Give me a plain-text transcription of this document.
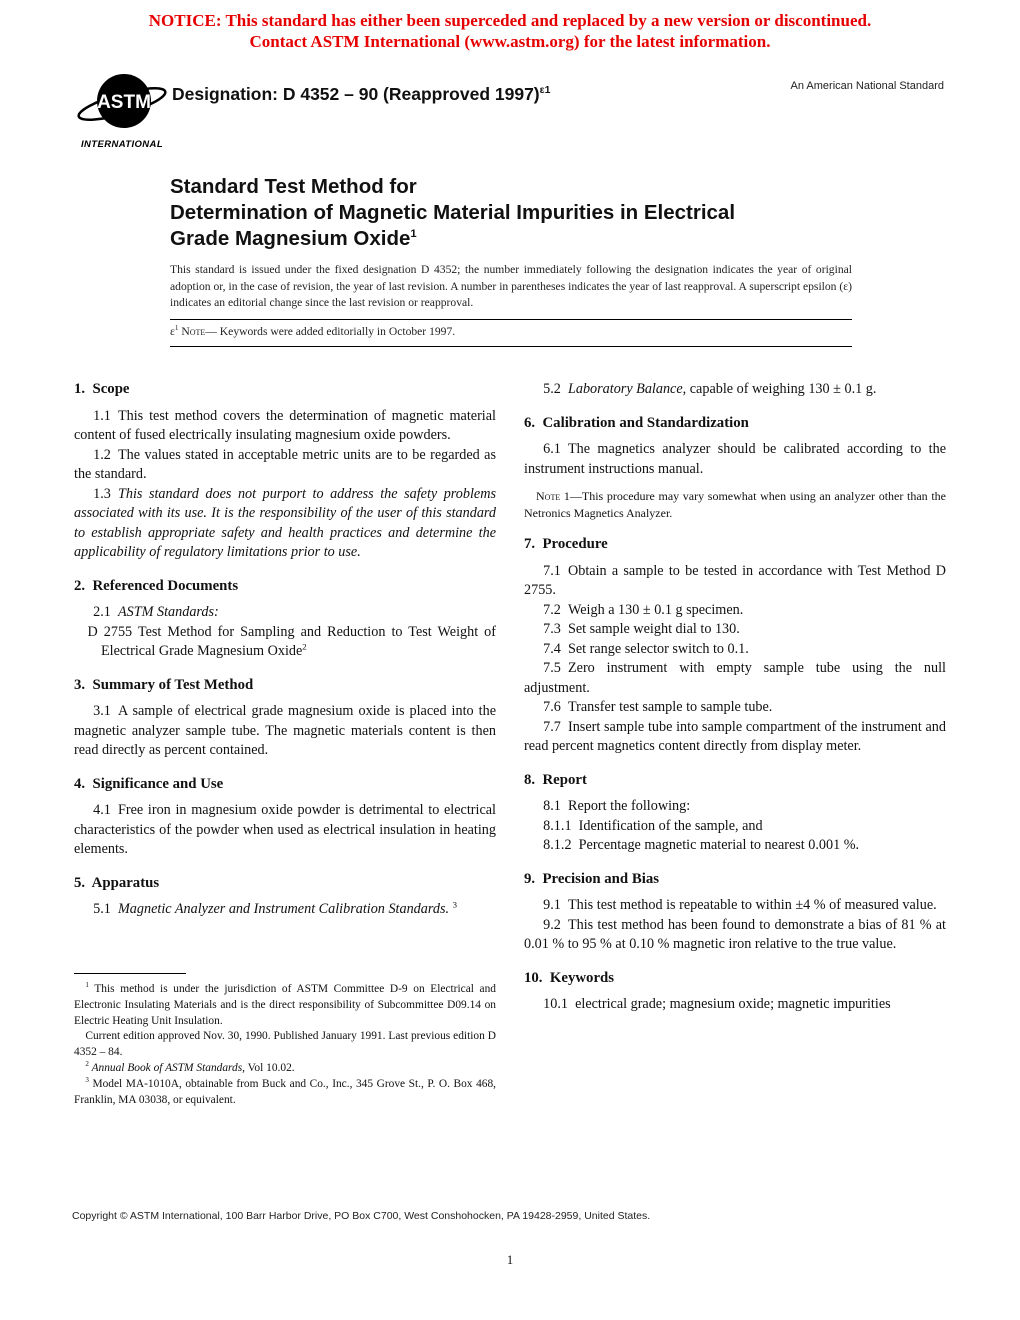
NOTICE: This standard has either been superceded and replaced by a new version or discontinued.
Contact ASTM International (www.astm.org) for the latest information.
ASTM
INTERNATIONAL
Designation: D 4352 – 90 (Reapproved 1997)$^{\varepsilon 1}$	An American National Standard
Standard Test Method for
Determination of Magnetic Material Impurities in Electrical
Grade Magnesium Oxide$^1$
This standard is issued under the fixed designation D 4352; the number immediately following the designation indicates the year of original adoption or, in the case of revision, the year of last revision. A number in parentheses indicates the year of last reapproval. A superscript epsilon (ε) indicates an editorial change since the last revision or reapproval.
$\varepsilon^1$ Note— Keywords were added editorially in October 1997.
1.  Scope

1.1 This test method covers the determination of magnetic material content of fused electrically insulating magnesium oxide powders.

1.2 The values stated in acceptable metric units are to be regarded as the standard.

1.3 This standard does not purport to address the safety problems associated with its use. It is the responsibility of the user of this standard to establish appropriate safety and health practices and determine the applicability of regulatory limitations prior to use.

2.  Referenced Documents

2.1 ASTM Standards:

D 2755 Test Method for Sampling and Reduction to Test Weight of Electrical Grade Magnesium Oxide$^2$

3.  Summary of Test Method

3.1 A sample of electrical grade magnesium oxide is placed into the magnetic analyzer sample tube. The magnetic materials content is then read directly as percent contained.

4.  Significance and Use

4.1 Free iron in magnesium oxide powder is detrimental to electrical characteristics of the powder when used as electrical insulation in heating elements.

5.  Apparatus

5.1 Magnetic Analyzer and Instrument Calibration Standards. $^3$

5.2 Laboratory Balance, capable of weighing 130 ± 0.1 g.

6.  Calibration and Standardization

6.1 The magnetics analyzer should be calibrated according to the instrument instructions manual.

Note 1—This procedure may vary somewhat when using an analyzer other than the Netronics Magnetics Analyzer.

7.  Procedure

7.1 Obtain a sample to be tested in accordance with Test Method D 2755.

7.2 Weigh a 130 ± 0.1 g specimen.

7.3 Set sample weight dial to 130.

7.4 Set range selector switch to 0.1.

7.5 Zero instrument with empty sample tube using the null adjustment.

7.6 Transfer test sample to sample tube.

7.7 Insert sample tube into sample compartment of the instrument and read percent magnetics content directly from display meter.

8.  Report

8.1 Report the following:

8.1.1 Identification of the sample, and

8.1.2 Percentage magnetic material to nearest 0.001 %.

9.  Precision and Bias

9.1 This test method is repeatable to within ±4 % of measured value.

9.2 This test method has been found to demonstrate a bias of 81 % at 0.01 % to 95 % at 0.10 % magnetic iron relative to the true value.

10.  Keywords

10.1 electrical grade; magnesium oxide; magnetic impurities

$^1$ This method is under the jurisdiction of ASTM Committee D-9 on Electrical and Electronic Insulating Materials and is the direct responsibility of Subcommittee D09.14 on Electric Heating Unit Insulation.

Current edition approved Nov. 30, 1990. Published January 1991. Last previous edition D 4352 – 84.

$^2$ Annual Book of ASTM Standards, Vol 10.02.

$^3$ Model MA-1010A, obtainable from Buck and Co., Inc., 345 Grove St., P. O. Box 468, Franklin, MA 03038, or equivalent.

Copyright © ASTM International, 100 Barr Harbor Drive, PO Box C700, West Conshohocken, PA 19428-2959, United States.
1
